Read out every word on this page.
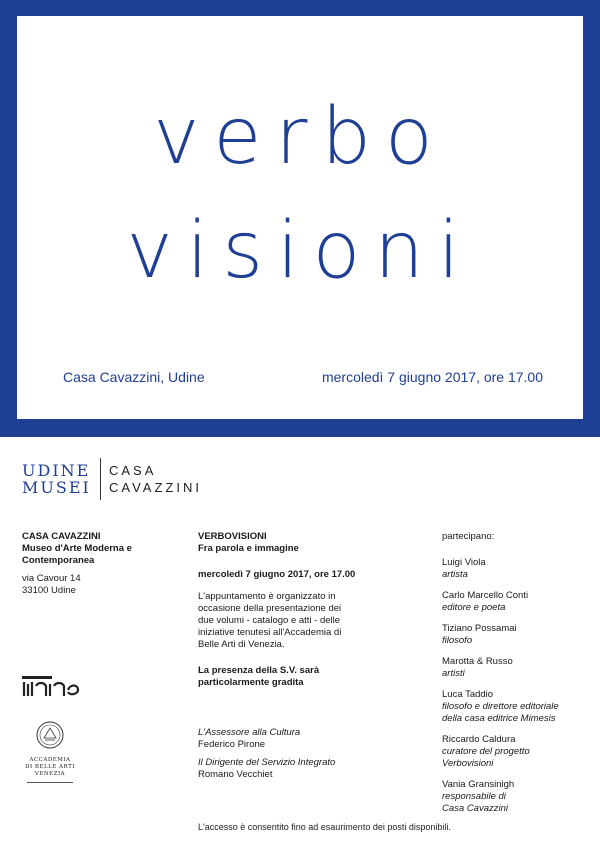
verbo
visioni
Casa Cavazzini, Udine	mercoledì 7 giugno 2017, ore 17.00
UDINE
MUSEI
CASA
CAVAZZINI
CASA CAVAZZINI
Museo d'Arte Moderna e
Contemporanea
via Cavour 14
33100 Udine
ACCADEMIA
DI BELLE ARTI
VENEZIA
VERBOVISIONI
Fra parola e immagine
mercoledì 7 giugno 2017, ore 17.00
L'appuntamento è organizzato in
occasione della presentazione dei
due volumi - catalogo e atti - delle
iniziative tenutesi all'Accademia di
Belle Arti di Venezia.
La presenza della S.V. sarà
particolarmente gradita
L'Assessore alla Cultura
Federico Pirone
Il Dirigente del Servizio Integrato
Romano Vecchiet
partecipano:
Luigi Viola
artista
Carlo Marcello Conti
editore e poeta
Tiziano Possamai
filosofo
Marotta & Russo
artisti
Luca Taddio
filosofo e direttore editoriale
della casa editrice Mimesis
Riccardo Caldura
curatore del progetto
Verbovisioni
Vania Gransinigh
responsabile di
Casa Cavazzini
L'accesso è consentito fino ad esaurimento dei posti disponibili.
